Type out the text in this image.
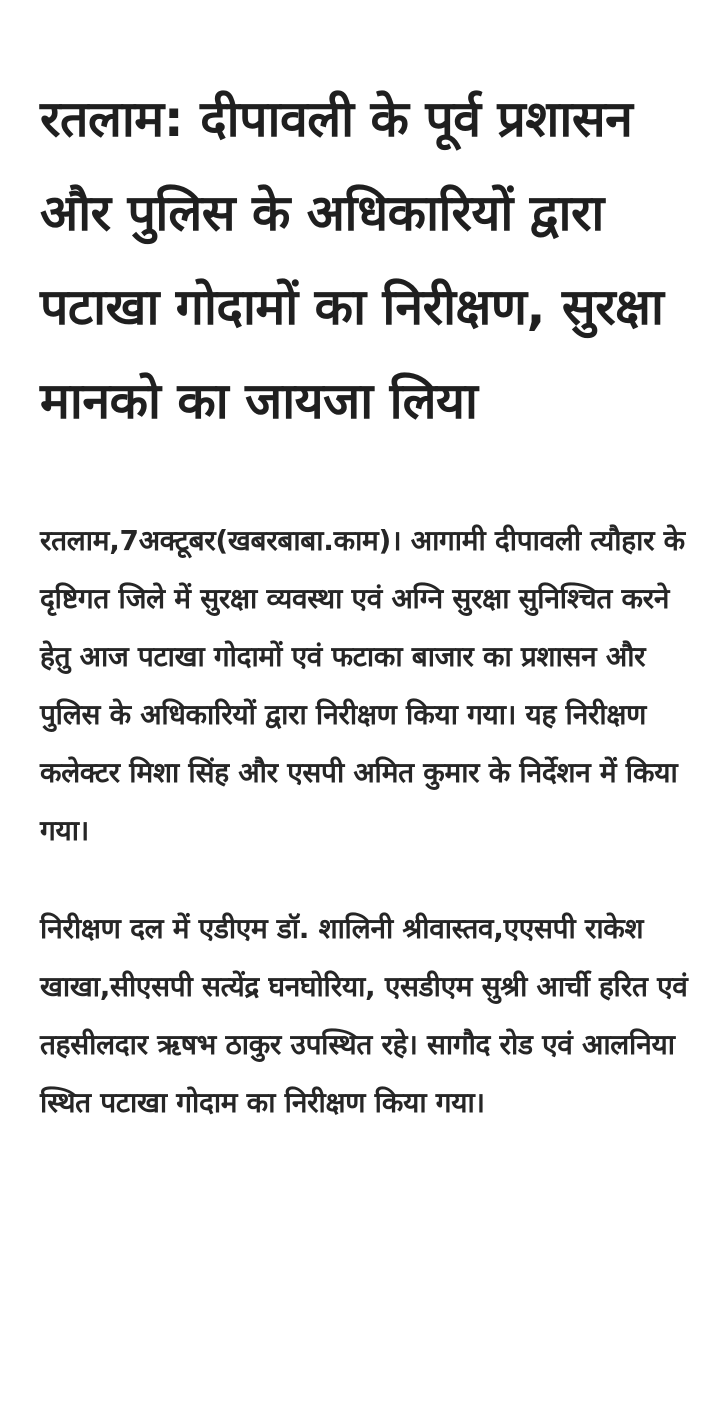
रतलाम: दीपावली के पूर्व प्रशासन और पुलिस के अधिकारियों द्वारा पटाखा गोदामों का निरीक्षण, सुरक्षा मानको का जायजा लिया

रतलाम,7अक्टूबर(खबरबाबा.काम)। आगामी दीपावली त्यौहार के दृष्टिगत जिले में सुरक्षा व्यवस्था एवं अग्नि सुरक्षा सुनिश्चित करने हेतु आज पटाखा गोदामों एवं फटाका बाजार का प्रशासन और पुलिस के अधिकारियों द्वारा निरीक्षण किया गया। यह निरीक्षण कलेक्टर मिशा सिंह और एसपी अमित कुमार के निर्देशन में किया गया।

निरीक्षण दल में एडीएम डॉ. शालिनी श्रीवास्तव,एएसपी राकेश खाखा,सीएसपी सत्येंद्र घनघोरिया, एसडीएम सुश्री आर्ची हरित एवं तहसीलदार ऋषभ ठाकुर उपस्थित रहे। सागौद रोड एवं आलनिया स्थित पटाखा गोदाम का निरीक्षण किया गया।
